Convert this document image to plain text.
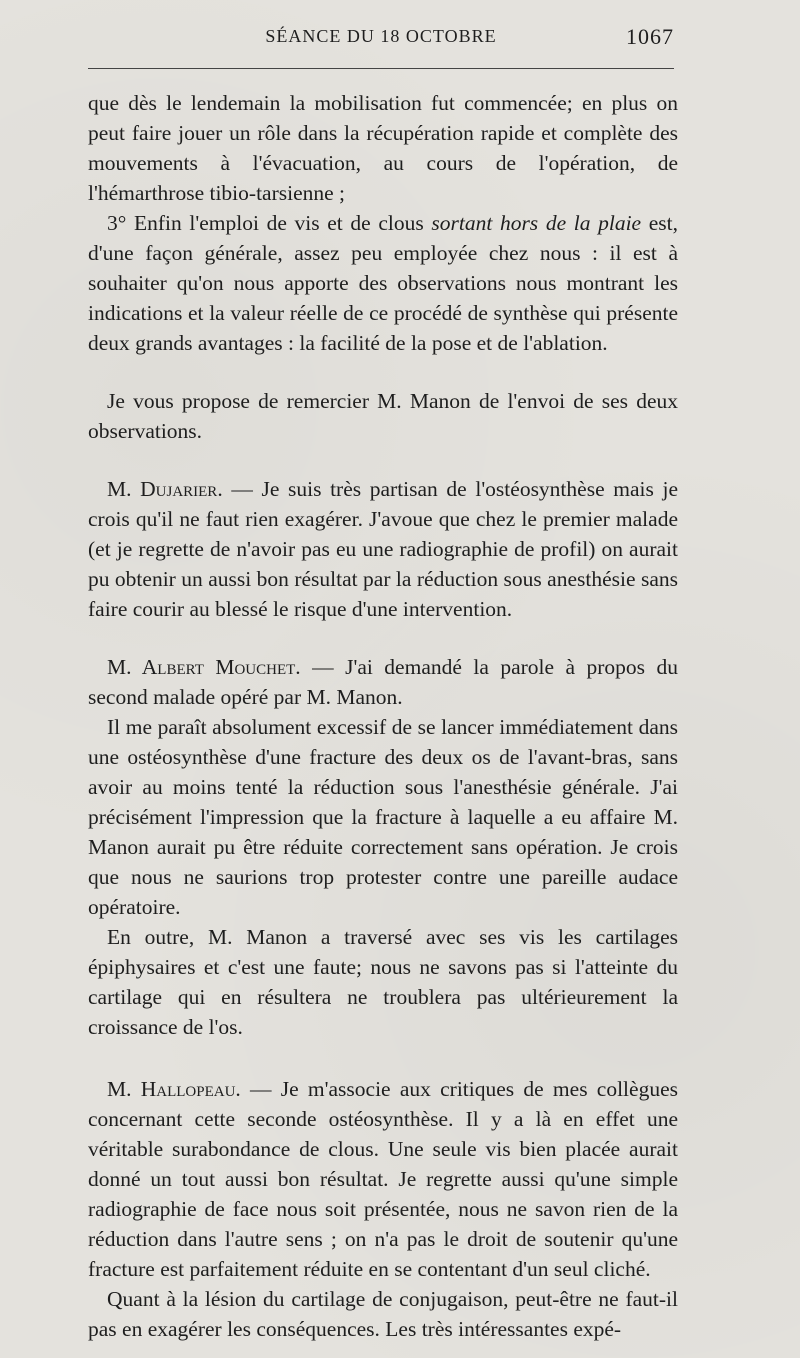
SÉANCE DU 18 OCTOBRE	1067

que dès le lendemain la mobilisation fut commencée; en plus on peut faire jouer un rôle dans la récupération rapide et complète des mouvements à l'évacuation, au cours de l'opération, de l'hémarthrose tibio-tarsienne ;

3° Enfin l'emploi de vis et de clous sortant hors de la plaie est, d'une façon générale, assez peu employée chez nous : il est à souhaiter qu'on nous apporte des observations nous montrant les indications et la valeur réelle de ce procédé de synthèse qui présente deux grands avantages : la facilité de la pose et de l'ablation.

Je vous propose de remercier M. Manon de l'envoi de ses deux observations.

M. Dujarier. — Je suis très partisan de l'ostéosynthèse mais je crois qu'il ne faut rien exagérer. J'avoue que chez le premier malade (et je regrette de n'avoir pas eu une radiographie de profil) on aurait pu obtenir un aussi bon résultat par la réduction sous anesthésie sans faire courir au blessé le risque d'une intervention.

M. Albert Mouchet. — J'ai demandé la parole à propos du second malade opéré par M. Manon.

Il me paraît absolument excessif de se lancer immédiatement dans une ostéosynthèse d'une fracture des deux os de l'avant-bras, sans avoir au moins tenté la réduction sous l'anesthésie générale. J'ai précisément l'impression que la fracture à laquelle a eu affaire M. Manon aurait pu être réduite correctement sans opération. Je crois que nous ne saurions trop protester contre une pareille audace opératoire.

En outre, M. Manon a traversé avec ses vis les cartilages épiphysaires et c'est une faute; nous ne savons pas si l'atteinte du cartilage qui en résultera ne troublera pas ultérieurement la croissance de l'os.

M. Hallopeau. — Je m'associe aux critiques de mes collègues concernant cette seconde ostéosynthèse. Il y a là en effet une véritable surabondance de clous. Une seule vis bien placée aurait donné un tout aussi bon résultat. Je regrette aussi qu'une simple radiographie de face nous soit présentée, nous ne savon rien de la réduction dans l'autre sens ; on n'a pas le droit de soutenir qu'une fracture est parfaitement réduite en se contentant d'un seul cliché.

Quant à la lésion du cartilage de conjugaison, peut-être ne faut-il pas en exagérer les conséquences. Les très intéressantes expé-
